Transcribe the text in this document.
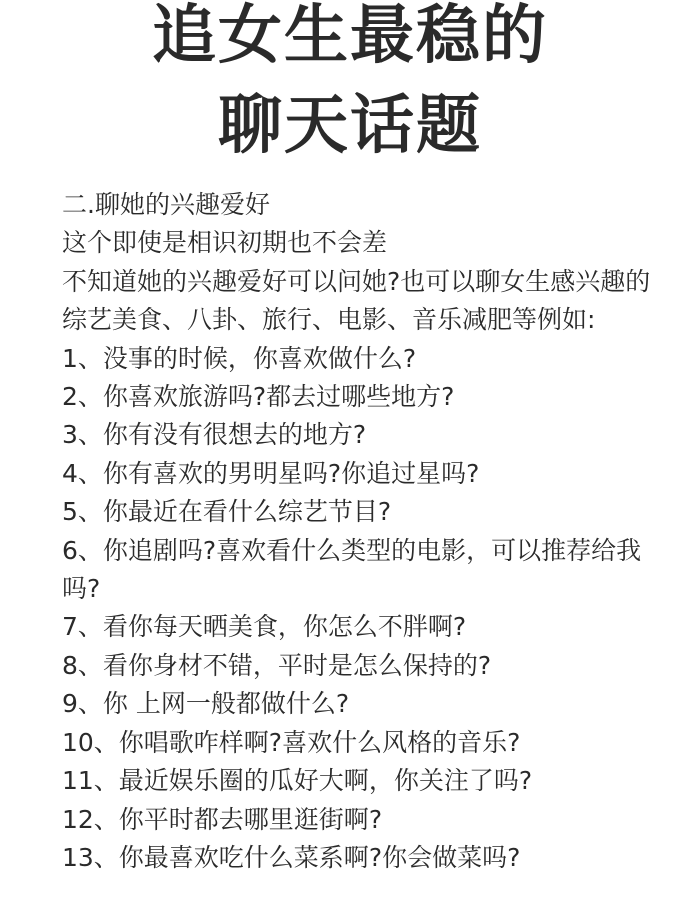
追女生最稳的
聊天话题

二.聊她的兴趣爱好

这个即使是相识初期也不会差

不知道她的兴趣爱好可以问她?也可以聊女生感兴趣的综艺美食、八卦、旅行、电影、音乐减肥等例如:

1、没事的时候，你喜欢做什么?

2、你喜欢旅游吗?都去过哪些地方?

3、你有没有很想去的地方?

4、你有喜欢的男明星吗?你追过星吗?

5、你最近在看什么综艺节目?

6、你追剧吗?喜欢看什么类型的电影，可以推荐给我吗?

7、看你每天晒美食，你怎么不胖啊?

8、看你身材不错，平时是怎么保持的?

9、你 上网一般都做什么?

10、你唱歌咋样啊?喜欢什么风格的音乐?

11、最近娱乐圈的瓜好大啊，你关注了吗?

12、你平时都去哪里逛街啊?

13、你最喜欢吃什么菜系啊?你会做菜吗?
